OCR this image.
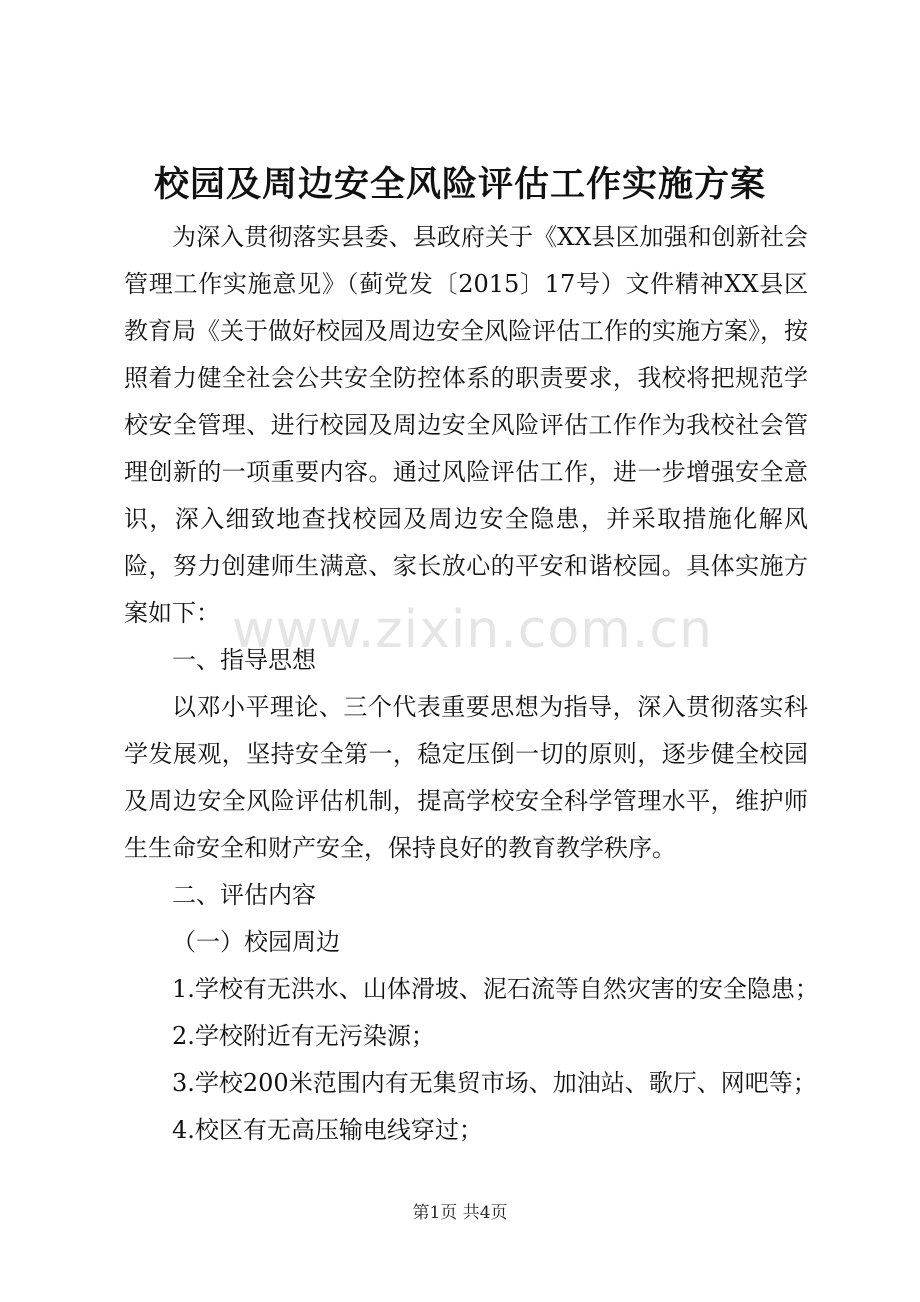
校园及周边安全风险评估工作实施方案

为深入贯彻落实县委、县政府关于《XX县区加强和创新社会管理工作实施意见》（蓟党发〔2015〕17号）文件精神XX县区教育局《关于做好校园及周边安全风险评估工作的实施方案》，按照着力健全社会公共安全防控体系的职责要求，我校将把规范学校安全管理、进行校园及周边安全风险评估工作作为我校社会管理创新的一项重要内容。通过风险评估工作，进一步增强安全意识，深入细致地查找校园及周边安全隐患，并采取措施化解风险，努力创建师生满意、家长放心的平安和谐校园。具体实施方案如下：

一、指导思想

以邓小平理论、三个代表重要思想为指导，深入贯彻落实科学发展观，坚持安全第一，稳定压倒一切的原则，逐步健全校园及周边安全风险评估机制，提高学校安全科学管理水平，维护师生生命安全和财产安全，保持良好的教育教学秩序。

二、评估内容

（一）校园周边

1.学校有无洪水、山体滑坡、泥石流等自然灾害的安全隐患；

2.学校附近有无污染源；

3.学校200米范围内有无集贸市场、加油站、歌厅、网吧等；

4.校区有无高压输电线穿过；

www.zixin.com.cn
第1页 共4页
